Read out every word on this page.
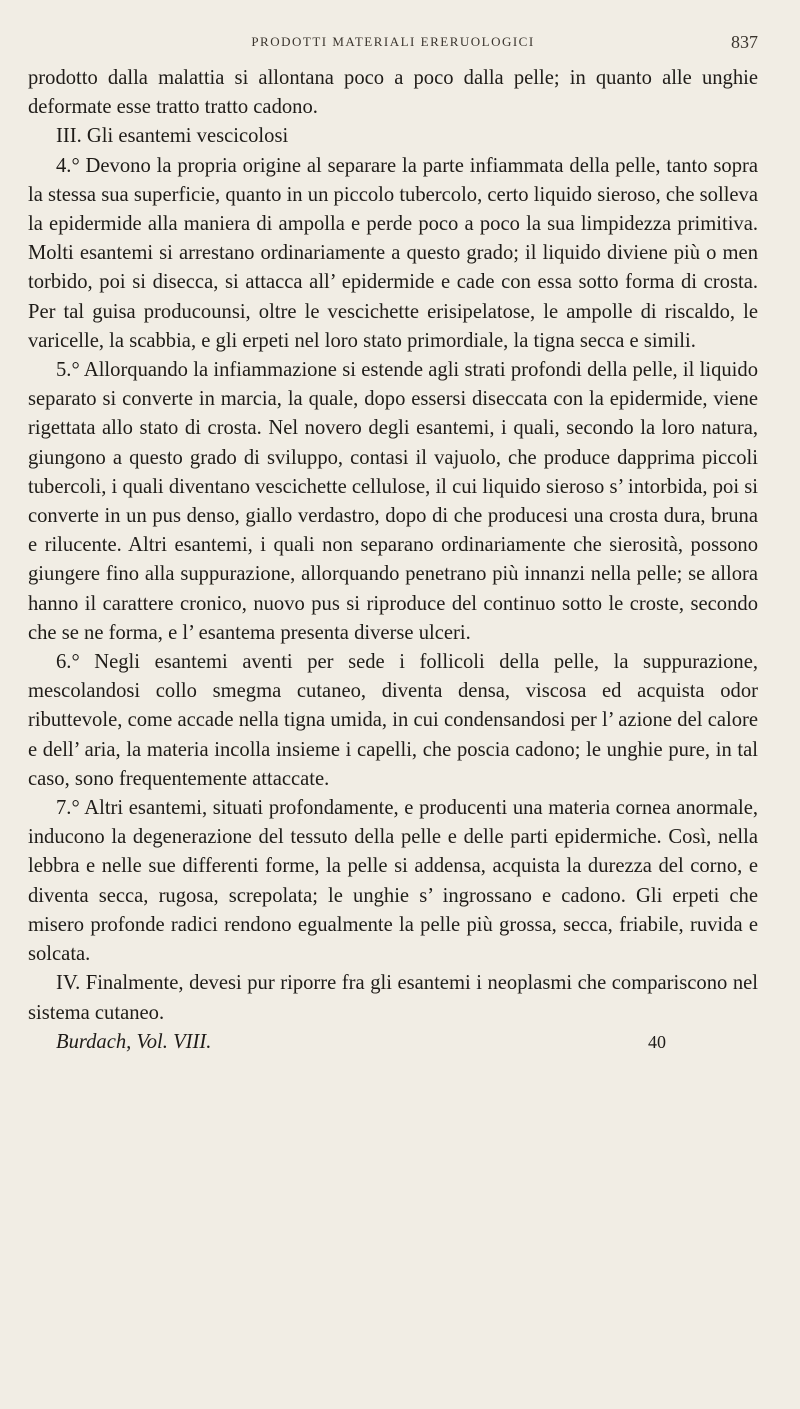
PRODOTTI MATERIALI ERERUOLOGICI	837

prodotto dalla malattia si allontana poco a poco dalla pelle; in quanto alle unghie deformate esse tratto tratto cadono.

III. Gli esantemi vescicolosi

4.° Devono la propria origine al separare la parte infiammata della pelle, tanto sopra la stessa sua superficie, quanto in un piccolo tubercolo, certo liquido sieroso, che solleva la epidermide alla maniera di ampolla e perde poco a poco la sua limpidezza primitiva. Molti esantemi si arrestano ordinariamente a questo grado; il liquido diviene più o men torbido, poi si disecca, si attacca all’ epidermide e cade con essa sotto forma di crosta. Per tal guisa producounsi, oltre le vescichette erisipelatose, le ampolle di riscaldo, le varicelle, la scabbia, e gli erpeti nel loro stato primordiale, la tigna secca e simili.

5.° Allorquando la infiammazione si estende agli strati profondi della pelle, il liquido separato si converte in marcia, la quale, dopo essersi diseccata con la epidermide, viene rigettata allo stato di crosta. Nel novero degli esantemi, i quali, secondo la loro natura, giungono a questo grado di sviluppo, contasi il vajuolo, che produce dapprima piccoli tubercoli, i quali diventano vescichette cellulose, il cui liquido sieroso s’ intorbida, poi si converte in un pus denso, giallo verdastro, dopo di che producesi una crosta dura, bruna e rilucente. Altri esantemi, i quali non separano ordinariamente che sierosità, possono giungere fino alla suppurazione, allorquando penetrano più innanzi nella pelle; se allora hanno il carattere cronico, nuovo pus si riproduce del continuo sotto le croste, secondo che se ne forma, e l’ esantema presenta diverse ulceri.

6.° Negli esantemi aventi per sede i follicoli della pelle, la suppurazione, mescolandosi collo smegma cutaneo, diventa densa, viscosa ed acquista odor ributtevole, come accade nella tigna umida, in cui condensandosi per l’ azione del calore e dell’ aria, la materia incolla insieme i capelli, che poscia cadono; le unghie pure, in tal caso, sono frequentemente attaccate.

7.° Altri esantemi, situati profondamente, e producenti una materia cornea anormale, inducono la degenerazione del tessuto della pelle e delle parti epidermiche. Così, nella lebbra e nelle sue differenti forme, la pelle si addensa, acquista la durezza del corno, e diventa secca, rugosa, screpolata; le unghie s’ ingrossano e cadono. Gli erpeti che misero profonde radici rendono egualmente la pelle più grossa, secca, friabile, ruvida e solcata.

IV. Finalmente, devesi pur riporre fra gli esantemi i neoplasmi che compariscono nel sistema cutaneo.

Burdach, Vol. VIII.	40
